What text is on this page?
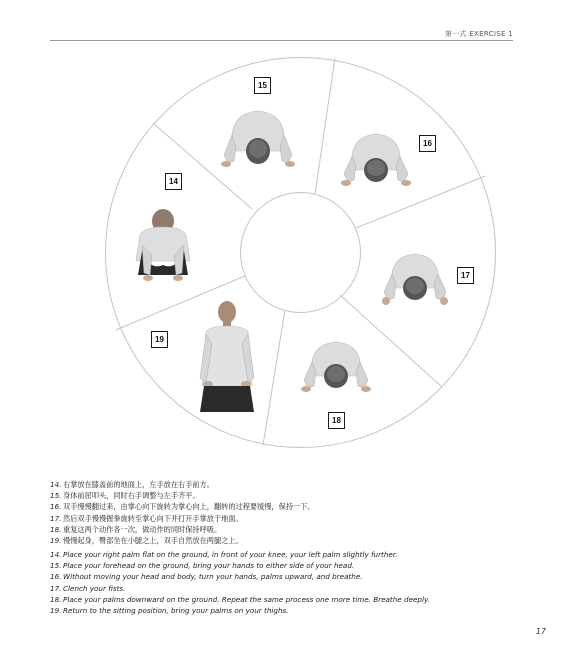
第一式 EXERCISE 1
15
16
14
17
19
18
14. 右掌放在膝盖前的地面上，左手放在右手前方。
15. 身体前屈叩头，同时右手调整与左手齐平。
16. 双手慢慢翻过来，由掌心向下旋转为掌心向上，翻转的过程要缓慢，保持一下。
17. 然后双手慢慢握拳旋转至掌心向下并打开手掌放于地面。
18. 重复这两个动作各一次，做动作的同时保持呼吸。
19. 慢慢起身，臀部坐在小腿之上，双手自然放在两腿之上。
14. Place your right palm flat on the ground, in front of your knee, your left palm slightly further.
15. Place your forehead on the ground, bring your hands to either side of your head.
16. Without moving your head and body, turn your hands, palms upward, and breathe.
17. Clench your fists.
18. Place your palms downward on the ground. Repeat the same process one more time. Breathe deeply.
19. Return to the sitting position, bring your palms on your thighs.
17
